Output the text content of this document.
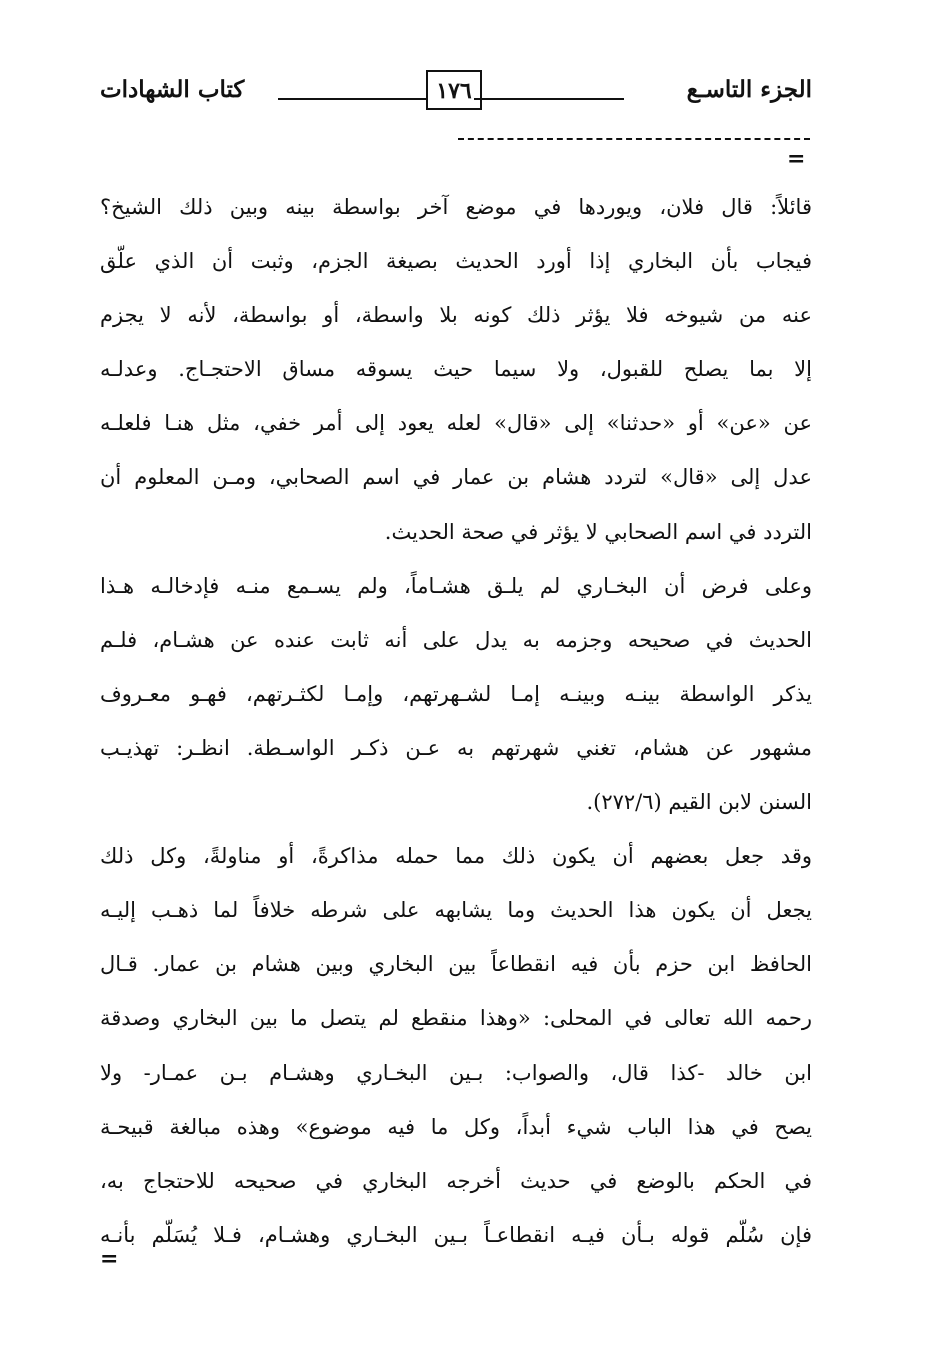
الجزء التاسـع
١٧٦
كتاب الشهادات
=
قائلاً: قال فلان، ويوردها في موضع آخر بواسطة بينه وبين ذلك الشيخ؟
فيجاب بأن البخاري إذا أورد الحديث بصيغة الجزم، وثبت أن الذي علّق
عنه من شيوخه فلا يؤثر ذلك كونه بلا واسطة، أو بواسطة، لأنه لا يجزم
إلا بما يصلح للقبول، ولا سيما حيث يسوقه مساق الاحتجـاج. وعدلـه
عن «عن» أو «حدثنا» إلى «قال» لعله يعود إلى أمر خفي، مثل هنـا فلعلـه
عدل إلى «قال» لتردد هشام بن عمار في اسم الصحابي، ومـن المعلوم أن
التردد في اسم الصحابي لا يؤثر في صحة الحديث.
وعلى فرض أن البخـاري لم يلـق هشـاماً، ولم يسـمع منـه فإدخالـه هـذا
الحديث في صحيحه وجزمه به يدل على أنه ثابت عنده عن هشـام، فلـم
يذكر الواسطة بينـه وبينـه إمـا لشـهرتهم، وإمـا لكثـرتهم، فهـو معـروف
مشهور عن هشام، تغني شهرتهم به عـن ذكـر الواسـطة. انظـر: تهذيـب
السنن لابن القيم (٢٧٢/٦).
وقد جعل بعضهم أن يكون ذلك مما حمله مذاكرةً، أو مناولةً، وكل ذلك
يجعل أن يكون هذا الحديث وما يشابهه على شرطه خلافاً لما ذهـب إليـه
الحافظ ابن حزم بأن فيه انقطاعاً بين البخاري وبين هشام بن عمار. قـال
رحمه الله تعالى في المحلى: «وهذا منقطع لم يتصل ما بين البخاري وصدقة
ابن خالد -كذا قال، والصواب: بـين البخـاري وهشـام بـن عمـار- ولا
يصح في هذا الباب شيء أبداً، وكل ما فيه موضوع» وهذه مبالغة قبيحـة
في الحكم بالوضع في حديث أخرجه البخاري في صحيحه للاحتجاج به،
فإن سُلّم قوله بـأن فيـه انقطاعـاً بـين البخـاري وهشـام، فـلا يُسَلّم بأنـه
=
